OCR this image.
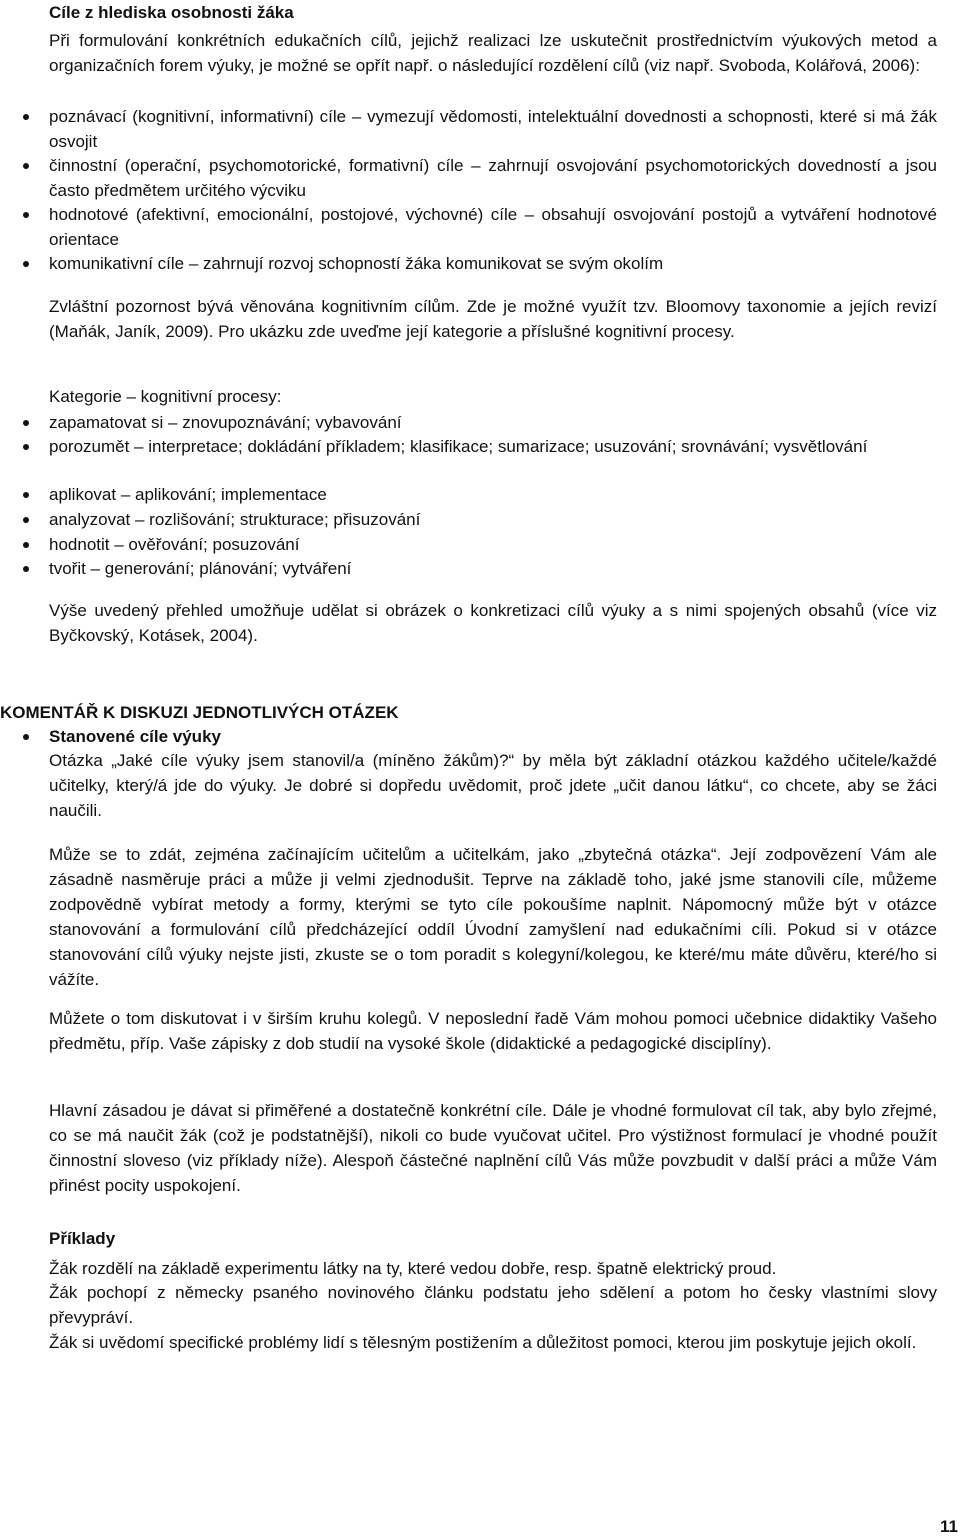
Cíle z hlediska osobnosti žáka

Při formulování konkrétních edukačních cílů, jejichž realizaci lze uskutečnit prostřednictvím výukových metod a organizačních forem výuky, je možné se opřít např. o následující rozdělení cílů (viz např. Svoboda, Kolářová, 2006):

poznávací (kognitivní, informativní) cíle – vymezují vědomosti, intelektuální dovednosti a schopnosti, které si má žák osvojit

činnostní (operační, psychomotorické, formativní) cíle – zahrnují osvojování psychomotorických dovedností a jsou často předmětem určitého výcviku

hodnotové (afektivní, emocionální, postojové, výchovné) cíle – obsahují osvojování postojů a vytváření hodnotové orientace

komunikativní cíle – zahrnují rozvoj schopností žáka komunikovat se svým okolím

Zvláštní pozornost bývá věnována kognitivním cílům. Zde je možné využít tzv. Bloomovy taxonomie a jejích revizí (Maňák, Janík, 2009). Pro ukázku zde uveďme její kategorie a příslušné kognitivní procesy.

Kategorie – kognitivní procesy:

zapamatovat si – znovupoznávání; vybavování

porozumět – interpretace; dokládání příkladem; klasifikace; sumarizace; usuzování; srovnávání; vysvětlování

aplikovat – aplikování; implementace

analyzovat – rozlišování; strukturace; přisuzování

hodnotit – ověřování; posuzování

tvořit – generování; plánování; vytváření

Výše uvedený přehled umožňuje udělat si obrázek o konkretizaci cílů výuky a s nimi spojených obsahů (více viz Byčkovský, Kotásek, 2004).

KOMENTÁŘ K DISKUZI JEDNOTLIVÝCH OTÁZEK

Stanovené cíle výuky

Otázka „Jaké cíle výuky jsem stanovil/a (míněno žákům)?“ by měla být základní otázkou každého učitele/každé učitelky, který/á jde do výuky. Je dobré si dopředu uvědomit, proč jdete „učit danou látku“, co chcete, aby se žáci naučili.

Může se to zdát, zejména začínajícím učitelům a učitelkám, jako „zbytečná otázka“. Její zodpovězení Vám ale zásadně nasměruje práci a může ji velmi zjednodušit. Teprve na základě toho, jaké jsme stanovili cíle, můžeme zodpovědně vybírat metody a formy, kterými se tyto cíle pokoušíme naplnit. Nápomocný může být v otázce stanovování a formulování cílů předcházející oddíl Úvodní zamyšlení nad edukačními cíli. Pokud si v otázce stanovování cílů výuky nejste jisti, zkuste se o tom poradit s kolegyní/kolegou, ke které/mu máte důvěru, které/ho si vážíte.

Můžete o tom diskutovat i v širším kruhu kolegů. V neposlední řadě Vám mohou pomoci učebnice didaktiky Vašeho předmětu, příp. Vaše zápisky z dob studií na vysoké škole (didaktické a pedagogické disciplíny).

Hlavní zásadou je dávat si přiměřené a dostatečně konkrétní cíle. Dále je vhodné formulovat cíl tak, aby bylo zřejmé, co se má naučit žák (což je podstatnější), nikoli co bude vyučovat učitel. Pro výstižnost formulací je vhodné použít činnostní sloveso (viz příklady níže). Alespoň částečné naplnění cílů Vás může povzbudit v další práci a může Vám přinést pocity uspokojení.

Příklady

Žák rozdělí na základě experimentu látky na ty, které vedou dobře, resp. špatně elektrický proud.

Žák pochopí z německy psaného novinového článku podstatu jeho sdělení a potom ho česky vlastními slovy převypráví.

Žák si uvědomí specifické problémy lidí s tělesným postižením a důležitost pomoci, kterou jim poskytuje jejich okolí.

11
